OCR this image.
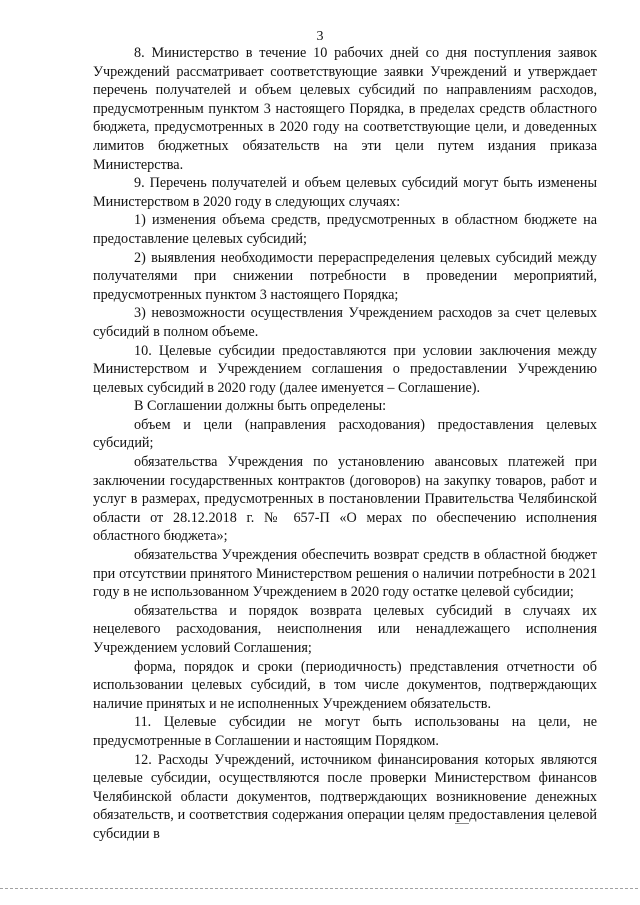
3

8. Министерство в течение 10 рабочих дней со дня поступления заявок Учреждений рассматривает соответствующие заявки Учреждений и утверждает перечень получателей и объем целевых субсидий по направлениям расходов, предусмотренным пунктом 3 настоящего Порядка, в пределах средств областного бюджета, предусмотренных в 2020 году на соответствующие цели, и доведенных лимитов бюджетных обязательств на эти цели путем издания приказа Министерства.

9. Перечень получателей и объем целевых субсидий могут быть изменены Министерством в 2020 году в следующих случаях:

1) изменения объема средств, предусмотренных в областном бюджете на предоставление целевых субсидий;

2) выявления необходимости перераспределения целевых субсидий между получателями при снижении потребности в проведении мероприятий, предусмотренных пунктом 3 настоящего Порядка;

3) невозможности осуществления Учреждением расходов за счет целевых субсидий в полном объеме.

10. Целевые субсидии предоставляются при условии заключения между Министерством и Учреждением соглашения о предоставлении Учреждению целевых субсидий в 2020 году (далее именуется – Соглашение).

В Соглашении должны быть определены:

объем и цели (направления расходования) предоставления целевых субсидий;

обязательства Учреждения по установлению авансовых платежей при заключении государственных контрактов (договоров) на закупку товаров, работ и услуг в размерах, предусмотренных в постановлении Правительства Челябинской области от 28.12.2018 г. № 657-П «О мерах по обеспечению исполнения областного бюджета»;

обязательства Учреждения обеспечить возврат средств в областной бюджет при отсутствии принятого Министерством решения о наличии потребности в 2021 году в не использованном Учреждением в 2020 году остатке целевой субсидии;

обязательства и порядок возврата целевых субсидий в случаях их нецелевого расходования, неисполнения или ненадлежащего исполнения Учреждением условий Соглашения;

форма, порядок и сроки (периодичность) представления отчетности об использовании целевых субсидий, в том числе документов, подтверждающих наличие принятых и не исполненных Учреждением обязательств.

11. Целевые субсидии не могут быть использованы на цели, не предусмотренные в Соглашении и настоящим Порядком.

12. Расходы Учреждений, источником финансирования которых являются целевые субсидии, осуществляются после проверки Министерством финансов Челябинской области документов, подтверждающих возникновение денежных обязательств, и соответствия содержания операции целям предоставления целевой субсидии в
